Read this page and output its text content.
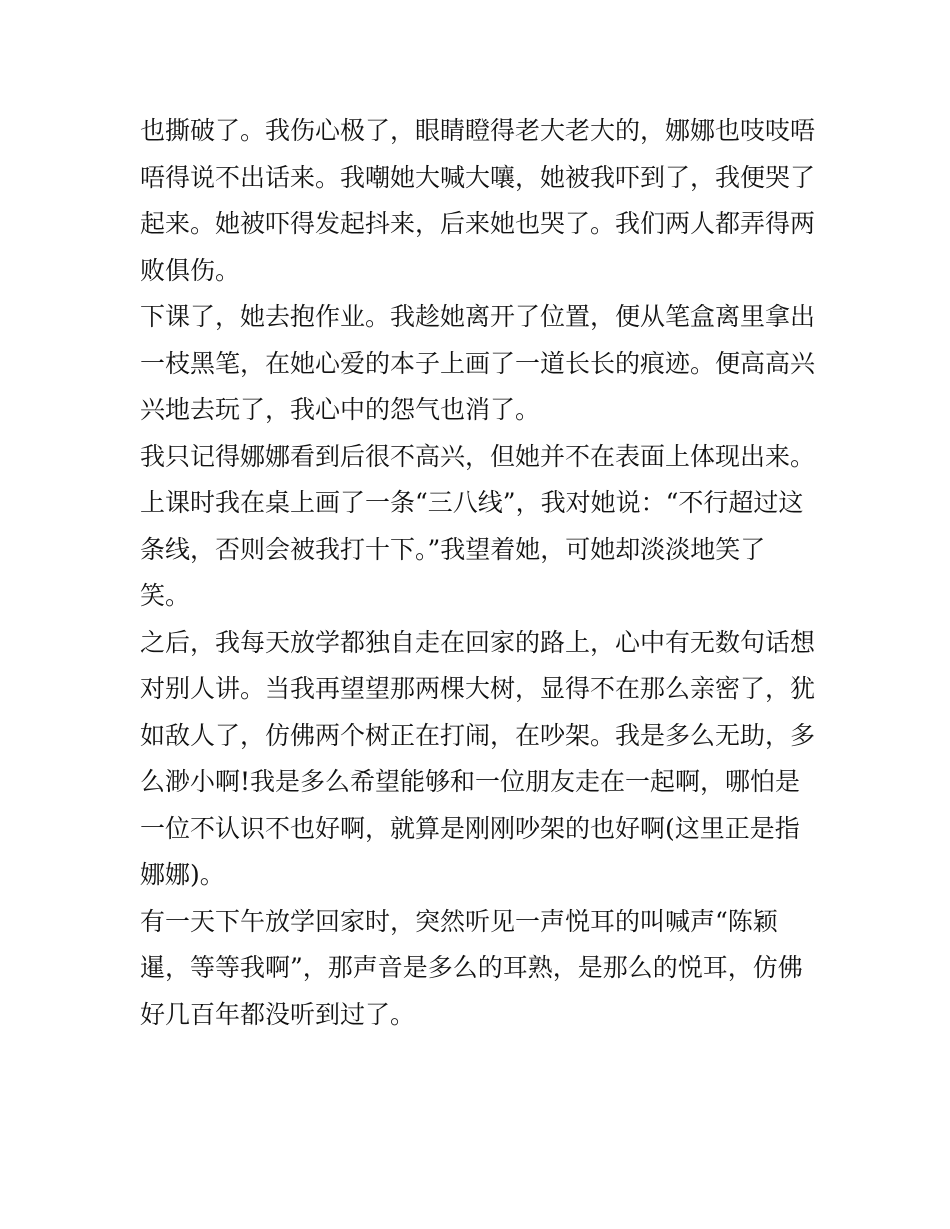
也撕破了。我伤心极了，眼睛瞪得老大老大的，娜娜也吱吱唔
唔得说不出话来。我嘲她大喊大嚷，她被我吓到了，我便哭了
起来。她被吓得发起抖来，后来她也哭了。我们两人都弄得两
败俱伤。
下课了，她去抱作业。我趁她离开了位置，便从笔盒离里拿出
一枝黑笔，在她心爱的本子上画了一道长长的痕迹。便高高兴
兴地去玩了，我心中的怨气也消了。
我只记得娜娜看到后很不高兴，但她并不在表面上体现出来。
上课时我在桌上画了一条“三八线”，我对她说：“不行超过这
条线，否则会被我打十下。”我望着她，可她却淡淡地笑了
笑。
之后，我每天放学都独自走在回家的路上，心中有无数句话想
对别人讲。当我再望望那两棵大树，显得不在那么亲密了，犹
如敌人了，仿佛两个树正在打闹，在吵架。我是多么无助，多
么渺小啊!我是多么希望能够和一位朋友走在一起啊，哪怕是
一位不认识不也好啊，就算是刚刚吵架的也好啊(这里正是指
娜娜)。
有一天下午放学回家时，突然听见一声悦耳的叫喊声“陈颖
暹，等等我啊”，那声音是多么的耳熟，是那么的悦耳，仿佛
好几百年都没听到过了。
